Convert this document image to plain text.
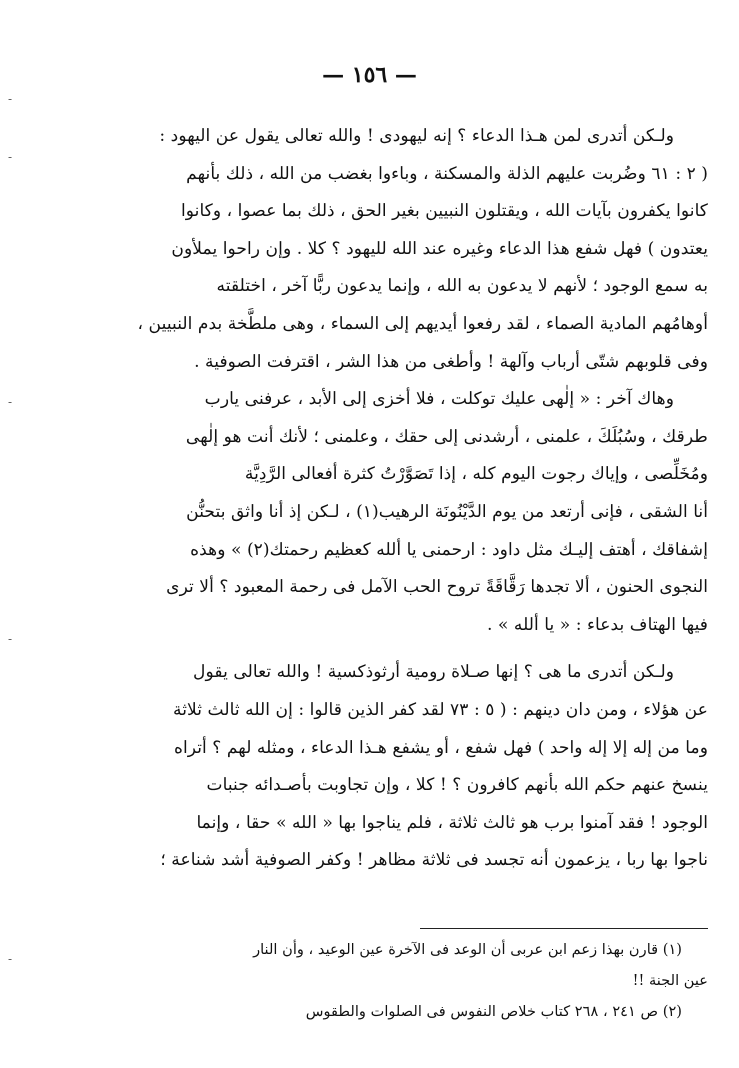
— ١٥٦ —

ولـكن أتدرى لمن هـذا الدعاء ؟ إنه ليهودى ! والله تعالى يقول عن اليهود :

( ٢ : ٦١ وضُربت عليهم الذلة والمسكنة ، وباءوا بغضب من الله ، ذلك بأنهم

كانوا يكفرون بآيات الله ، ويقتلون النبيين بغير الحق ، ذلك بما عصوا ، وكانوا

يعتدون ) فهل شفع هذا الدعاء وغيره عند الله لليهود ؟ كلا . وإن راحوا يملأون

به سمع الوجود ؛ لأنهم لا يدعون به الله ، وإنما يدعون ربًّا آخر ، اختلقته

أوهامُهم المادية الصماء ، لقد رفعوا أيديهم إلى السماء ، وهى ملطَّخة بدم النبيين ،

وفى قلوبهم شتّى أرباب وآلهة ! وأطغى من هذا الشر ، اقترفت الصوفية .

وهاك آخر : « إلٰهى عليك توكلت ، فلا أخزى إلى الأبد ، عرفنى يارب

طرقك ، وسُبُلَكَ ، علمنى ، أرشدنى إلى حقك ، وعلمنى ؛ لأنك أنت هو إلٰهى

ومُخَلِّصى ، وإياك رجوت اليوم كله ، إذا تَصَوَّرْتُ كثرة أفعالى الرَّدِيَّة

أنا الشقى ، فإنى أرتعد من يوم الدَّيْنُونَة الرهيب(١) ، لـكن إذ أنا واثق بتحنُّن

إشفاقك ، أهتف إليـك مثل داود : ارحمنى يا ألله كعظيم رحمتك(٢) » وهذه

النجوى الحنون ، ألا تجدها رَقَّاقَةً تروح الحب الآمل فى رحمة المعبود ؟ ألا ترى

فيها الهتاف بدعاء : « يا ألله » .

ولـكن أتدرى ما هى ؟ إنها صـلاة رومية أرثوذكسية ! والله تعالى يقول

عن هؤلاء ، ومن دان دينهم : ( ٥ : ٧٣ لقد كفر الذين قالوا : إن الله ثالث ثلاثة

وما من إله إلا إله واحد ) فهل شفع ، أو يشفع هـذا الدعاء ، ومثله لهم ؟ أتراه

ينسخ عنهم حكم الله بأنهم كافرون ؟ ! كلا ، وإن تجاوبت بأصـدائه جنبات

الوجود ! فقد آمنوا برب هو ثالث ثلاثة ، فلم يناجوا بها « الله » حقا ، وإنما

ناجوا بها ربا ، يزعمون أنه تجسد فى ثلاثة مظاهر ! وكفر الصوفية أشد شناعة ؛

(١) قارن بهذا زعم ابن عربى أن الوعد فى الآخرة عين الوعيد ، وأن النار

عين الجنة !!

(٢) ص ٢٤١ ، ٢٦٨ كتاب خلاص النفوس فى الصلوات والطقوس

-
-
-
-
-
